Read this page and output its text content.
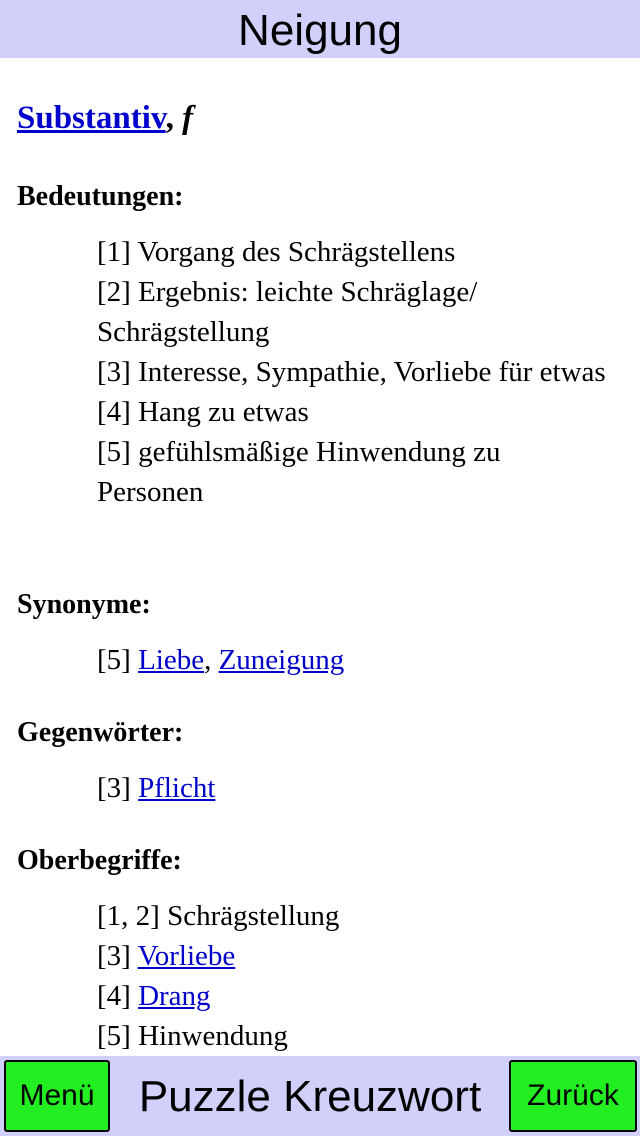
Neigung
Substantiv, f
Bedeutungen:
[1] Vorgang des Schrägstellens
[2] Ergebnis: leichte Schräglage/ Schrägstellung
[3] Interesse, Sympathie, Vorliebe für etwas
[4] Hang zu etwas
[5] gefühlsmäßige Hinwendung zu Personen
Synonyme:
[5] Liebe, Zuneigung
Gegenwörter:
[3] Pflicht
Oberbegriffe:
[1, 2] Schrägstellung
[3] Vorliebe
[4] Drang
[5] Hinwendung
Menü	Puzzle Kreuzwort	Zurück
